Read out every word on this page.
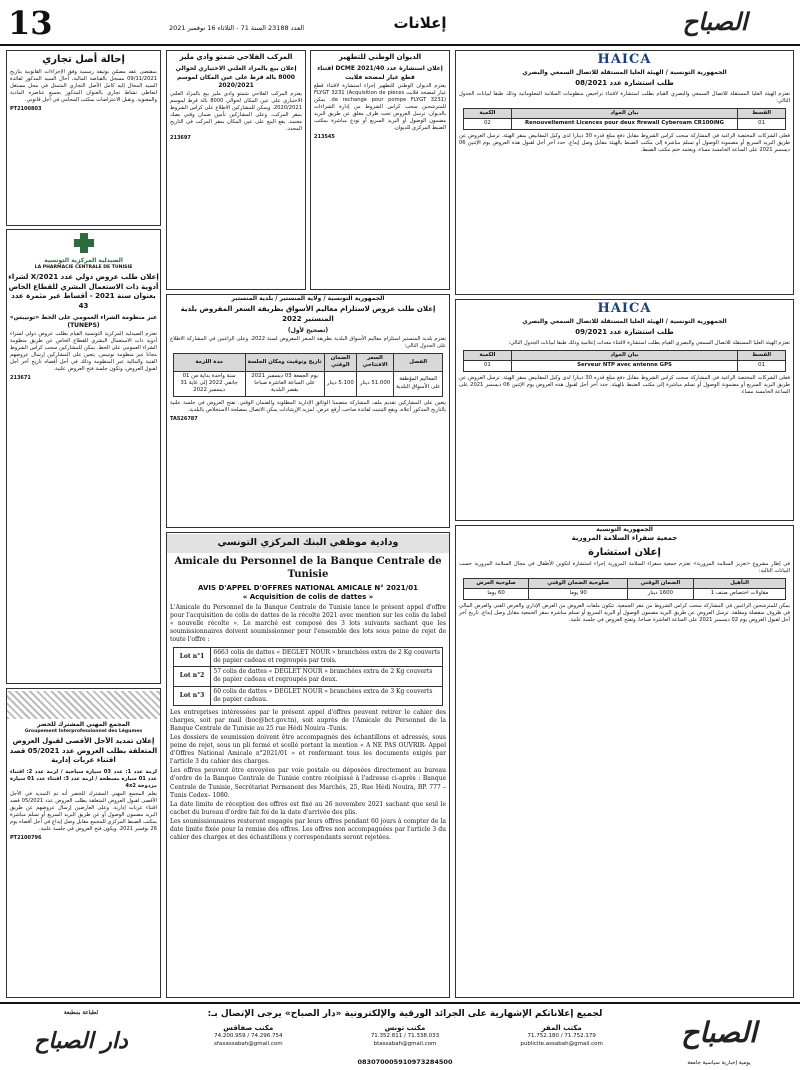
13	العدد 23188 السنة 71 - الثلاثاء 16 نوفمبر 2021	إعلانات	الصباح
إحالة أصل تجاري
بمقتضى عقد مضمّن بوثيقة رسمية وفق الإجراءات القانونية بتاريخ 09/11/2021 مسجل بالقباضة المالية، أحال السيد المذكور لفائدة السيد المحال إليه كامل الأصل التجاري المتمثل في محل مستغل لتعاطي نشاط تجاري بالعنوان المذكور بجميع عناصره المادية والمعنوية. وتقبل الاعتراضات بمكتب المحامي في أجل قانوني.
PT2100803
الصيدلية المركزية التونسية
LA PHARMACIE CENTRALE DE TUNISIE
إعلان طلب عروض دولي عدد 2021/X لشراء أدوية ذات الاستعمال البشري للقطاع الخاص بعنوان سنة 2021 - أقساط غير مثمرة عدد 43
عبر منظومة الشراء العمومي على الخط «تونيبس» (TUNEPS)
تعتزم الصيدلية المركزية التونسية القيام بطلب عروض دولي لشراء أدوية ذات الاستعمال البشري للقطاع الخاص عن طريق منظومة الشراء العمومي على الخط. يمكن للمشاركين سحب كراس الشروط مجانا عبر منظومة تونيبس. يتعين على المشاركين إرسال عروضهم الفنية والمالية عبر المنظومة وذلك في أجل أقصاه تاريخ آخر أجل لقبول العروض، وتكون جلسة فتح العروض علنية.
213671
المجمع المهني المشترك للخضر
Groupement Interprofessionnel des Légumes
إعلان تمديد الآجل الأقصى لقبول العروض المتعلقة بطلب العروض عدد 05/2021 قصد اقتناء عربات إدارية
لزمة عدد 1: عدد 03 سيارة سياحية / لزمة عدد 2: اقتناء عدد 01 سيارة مسطحة / لزمة عدد 3: اقتناء عدد 01 سيارة مزدوجة 4x2
يعلم المجمع المهني المشترك للخضر أنه تم التمديد في الأجل الأقصى لقبول العروض المتعلقة بطلب العروض عدد 05/2021 قصد اقتناء عربات إدارية. وعلى العارضين إرسال عروضهم عن طريق البريد مضمون الوصول أو عن طريق البريد السريع أو تسلم مباشرة بمكتب الضبط المركزي للمجمع مقابل وصل إيداع في أجل أقصاه يوم 26 نوفمبر 2021. ويكون فتح العروض في جلسة علنية.
PT2100796
المركب الفلاحي شمتو وادي مليز
إعلان بيع بالمزاد العلني الاختياري لحوالي 8000 بالة قرط على عين المكان لموسم 2020/2021
يعتزم المركب الفلاحي شمتو وادي مليز بيع بالمزاد العلني الاختياري على عين المكان لحوالي 8000 بالة قرط لموسم 2020/2021. ويمكن للمشاركين الاطلاع على كراس الشروط بمقر المركب. وعلى المشاركين تأمين ضمان وقتي بصك معتمد. يقع البيع على عين المكان بمقر المركب في التاريخ المحدد.
213697
الديوان الوطني للتطهير
إعلان استشارة عدد DCME 2021/40 اقتناء قطع غيار لمضخة فلايت
يعتزم الديوان الوطني للتطهير إجراء استشارة لاقتناء قطع غيار لمضخة فلايت FLYGT 3231 (Acquisition de pièces de rechange pour pompe FLYGT 3231). يمكن للمترشحين سحب كراس الشروط من إدارة الشراءات بالديوان. ترسل العروض تحت ظرف مغلق عن طريق البريد مضمون الوصول أو البريد السريع أو تودع مباشرة بمكتب الضبط المركزي للديوان.
213545
الجمهورية التونسية / ولاية المنستير / بلدية المنستير
إعلان طلب عروض لاستلزام معاليم الأسواق بطريقة السعر المفروض بلدية المنستير 2022
(تصحيح لأول)
تعتزم بلدية المنستير استلزام معاليم الأسواق البلدية بطريقة السعر المفروض لسنة 2022، وعلى الراغبين في المشاركة الاطلاع على الجدول التالي:
الفصل	السعر الافتتاحي	الضمان الوقتي	تاريخ وتوقيت ومكان الجلسة	مدة اللزمة
المعاليم المؤظفة على الأسواق البلدية	51.000 دينار	5.100 دينار	يوم الجمعة 03 ديسمبر 2021 على الساعة العاشرة صباحا بقصر البلدية	سنة واحدة بداية من 01 جانفي 2022 إلى غاية 31 ديسمبر 2022
يتعين على المشاركين تقديم ملف المشاركة متضمنا الوثائق الإدارية المطلوبة والضمان الوقتي. تفتح العروض في جلسة علنية بالتاريخ المذكور أعلاه، ويقع التبتيت لفائدة صاحب أرفع عرض. لمزيد الإرشادات يمكن الاتصال بمصلحة الاستخلاص بالبلدية.
TA526787
ودادية موظفي البنك المركزي التونسي
Amicale du Personnel de la Banque Centrale de Tunisie
AVIS D'APPEL D'OFFRES NATIONAL AMICALE N° 2021/01
« Acquisition de colis de dattes »
L'Amicale du Personnel de la Banque Centrale de Tunisie lance le présent appel d'offre pour l'acquisition de colis de dattes de la récolte 2021 avec mention sur les colis du label « nouvelle récolte ». Le marché est composé des 3 lots suivants sachant que les soumissionnaires doivent soumissionner pour l'ensemble des lots sous peine de rejet de toute l'offre :
Lot n°1	6663 colis de dattes « DEGLET NOUR » branchées extra de 2 Kg couverts de papier cadeau et regroupés par trois.
Lot n°2	57 colis de dattes « DEGLET NOUR » branchées extra de 2 Kg couverts de papier cadeau et regroupés par deux.
Lot n°3	60 colis de dattes « DEGLET NOUR » branchées extra de 3 Kg couverts de papier cadeau.
Les entreprises intéressées par le présent appel d'offres peuvent retirer le cahier des charges, soit par mail (boc@bct.gov.tn), soit auprès de l'Amicale du Personnel de la Banque Centrale de Tunisie au 25 rue Hédi Nouira -Tunis.
Les dossiers de soumission doivent être accompagnés des échantillons et adressés, sous peine de rejet, sous un pli fermé et scellé portant la mention « A NE PAS OUVRIR- Appel d'Offres National Amicale n°2021/01 » et renfermant tous les documents exigés par l'article 3 du cahier des charges.
Les offres peuvent être envoyées par voie postale ou déposées directement au bureau d'ordre de la Banque Centrale de Tunisie contre récépissé à l'adresse ci-après : Banque Centrale de Tunisie, Secrétariat Permanent des Marchés, 25, Rue Hédi Nouira, BP. 777 – Tunis Cedex– 1080.
La date limite de réception des offres est fixé au 26 novembre 2021 sachant que seul le cachet du bureau d'ordre fait foi de la date d'arrivée des plis.
Les soumissionnaires resteront engagés par leurs offres pendant 60 jours à compter de la date limite fixée pour la remise des offres. Les offres non accompagnées par l'article 3 du cahier des charges et des échantillons y correspondants seront rejetées.
HAICA
الجمهورية التونسية / الهيئة العليا المستقلة للاتصال السمعي والبصري
طلب استشارة عدد 08/2021
تعتزم الهيئة العليا المستقلة للاتصال السمعي والبصري القيام بطلب استشارة لاقتناء تراخيص منظومات السلامة المعلوماتية وذلك طبقا لبيانات الجدول التالي:
القسط	بيان المواد	الكمية
01	Renouvellement Licences pour deux firewall Cyberoam CR100iNG	02
فعلى الشركات المختصة الراغبة في المشاركة سحب كراس الشروط مقابل دفع مبلغ قدره 30 دينارا لدى وكيل المقابيض بمقر الهيئة. ترسل العروض عن طريق البريد السريع أو مضمونة الوصول أو تسلم مباشرة إلى مكتب الضبط بالهيئة مقابل وصل إيداع. حدد آخر أجل لقبول هذه العروض يوم الإثنين 06 ديسمبر 2021 على الساعة الخامسة مساء، ويعتمد ختم مكتب الضبط.
HAICA
الجمهورية التونسية / الهيئة العليا المستقلة للاتصال السمعي والبصري
طلب استشارة عدد 09/2021
تعتزم الهيئة العليا المستقلة للاتصال السمعي والبصري القيام بطلب استشارة لاقتناء معدات إعلامية وذلك طبقا لبيانات الجدول التالي:
القسط	بيان المواد	الكمية
01	Serveur NTP avec antenne GPS	01
فعلى الشركات المختصة الراغبة في المشاركة سحب كراس الشروط مقابل دفع مبلغ قدره 30 دينارا لدى وكيل المقابيض بمقر الهيئة. ترسل العروض عن طريق البريد السريع أو مضمونة الوصول أو تسلم مباشرة إلى مكتب الضبط بالهيئة. حدد آخر أجل لقبول هذه العروض يوم الإثنين 06 ديسمبر 2021 على الساعة الخامسة مساء.
الجمهورية التونسية
جمعية سفراء السلامة المرورية
إعلان استشارة
في إطار مشروع «تعزيز السلامة المرورية» تعتزم جمعية سفراء السلامة المرورية إجراء استشارة لتكوين الأطفال في مجال السلامة المرورية حسب البيانات التالية:
التأهيل	الضمان الوقتي	صلوحية الضمان الوقتي	صلوحية العرض
مقاولات اختصاص صنف 1	1600 دينار	90 يوما	60 يوما
يمكن للمترشحين الراغبين في المشاركة سحب كراس الشروط من مقر الجمعية. تتكون ملفات العروض من العرض الإداري والعرض الفني والعرض المالي في ظروف منفصلة ومغلقة. ترسل العروض عن طريق البريد مضمون الوصول أو البريد السريع أو تسلم مباشرة بمقر الجمعية مقابل وصل إيداع. تاريخ آخر أجل لقبول العروض يوم 02 ديسمبر 2021 على الساعة العاشرة صباحا، وتفتح العروض في جلسة علنية.
لطباعة بمطبعة
دار الصباح
لجميع إعلاناتكم الإشهارية على الجرائد الورقية والإلكترونية «دار الصباح» يرجى الإتصال بـ:
مكتب المقر
71.752.179 / 71.752.180
publicite.assabah@gmail.com
مكتب تونس
71.338.033 / 71.352.811
btassabah@gmail.com
مكتب صفاقس
74.296.754 / 74.200.959
sfaxassabah@gmail.com
083070005910973284500
الصباح
يومية إخبارية سياسية جامعة
